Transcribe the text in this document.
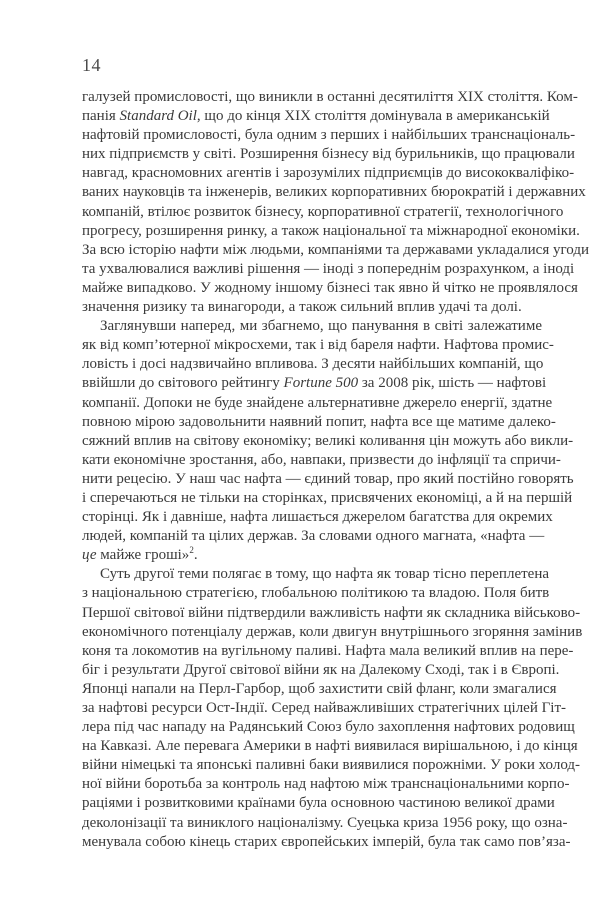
14
галузей промисловості, що виникли в останні десятиліття XIX століття. Ком-
панія Standard Oil, що до кінця XIX століття домінувала в американській
нафтовій промисловості, була одним з перших і найбільших транснаціональ-
них підприємств у світі. Розширення бізнесу від бурильників, що працювали
навгад, красномовних агентів і зарозумілих підприємців до висококваліфіко-
ваних науковців та інженерів, великих корпоративних бюрократій і державних
компаній, втілює розвиток бізнесу, корпоративної стратегії, технологічного
прогресу, розширення ринку, а також національної та міжнародної економіки.
За всю історію нафти між людьми, компаніями та державами укладалися угоди
та ухвалювалися важливі рішення — іноді з попереднім розрахунком, а іноді
майже випадково. У жодному іншому бізнесі так явно й чітко не проявлялося
значення ризику та винагороди, а також сильний вплив удачі та долі.
Заглянувши наперед, ми збагнемо, що панування в світі залежатиме
як від комп’ютерної мікросхеми, так і від бареля нафти. Нафтова промис-
ловість і досі надзвичайно впливова. З десяти найбільших компаній, що
ввійшли до світового рейтингу Fortune 500 за 2008 рік, шість — нафтові
компанії. Допоки не буде знайдене альтернативне джерело енергії, здатне
повною мірою задовольнити наявний попит, нафта все ще матиме далеко-
сяжний вплив на світову економіку; великі коливання цін можуть або викли-
кати економічне зростання, або, навпаки, призвести до інфляції та спричи-
нити рецесію. У наш час нафта — єдиний товар, про який постійно говорять
і сперечаються не тільки на сторінках, присвячених економіці, а й на першій
сторінці. Як і давніше, нафта лишається джерелом багатства для окремих
людей, компаній та цілих держав. За словами одного магната, «нафта —
це майже гроші»$^2$.
Суть другої теми полягає в тому, що нафта як товар тісно переплетена
з національною стратегією, глобальною політикою та владою. Поля битв
Першої світової війни підтвердили важливість нафти як складника військово-
економічного потенціалу держав, коли двигун внутрішнього згоряння замінив
коня та локомотив на вугільному паливі. Нафта мала великий вплив на пере-
біг і результати Другої світової війни як на Далекому Сході, так і в Європі.
Японці напали на Перл-Гарбор, щоб захистити свій фланг, коли змагалися
за нафтові ресурси Ост-Індії. Серед найважливіших стратегічних цілей Гіт-
лера під час нападу на Радянський Союз було захоплення нафтових родовищ
на Кавказі. Але перевага Америки в нафті виявилася вирішальною, і до кінця
війни німецькі та японські паливні баки виявилися порожніми. У роки холод-
ної війни боротьба за контроль над нафтою між транснаціональними корпо-
раціями і розвитковими країнами була основною частиною великої драми
деколонізації та виниклого націоналізму. Суецька криза 1956 року, що озна-
менувала собою кінець старих європейських імперій, була так само пов’яза-
